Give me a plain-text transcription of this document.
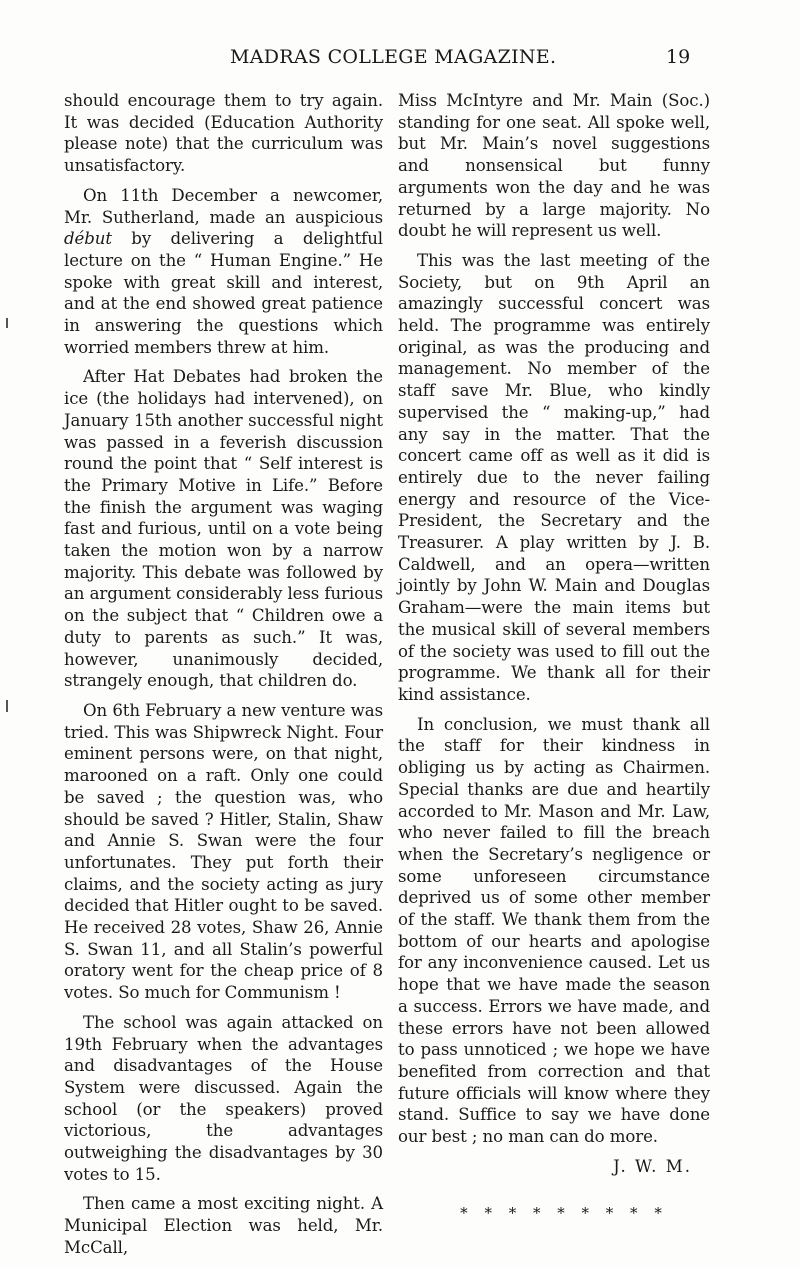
MADRAS COLLEGE MAGAZINE.	19

should encourage them to try again. It was decided (Education Authority please note) that the curriculum was unsatisfactory.

On 11th December a newcomer, Mr. Sutherland, made an auspicious début by delivering a delightful lecture on the “ Human Engine.” He spoke with great skill and interest, and at the end showed great patience in answering the questions which worried members threw at him.

After Hat Debates had broken the ice (the holidays had intervened), on January 15th another successful night was passed in a feverish discussion round the point that “ Self interest is the Primary Motive in Life.” Before the finish the argument was waging fast and furious, until on a vote being taken the motion won by a narrow majority. This debate was followed by an argument considerably less furious on the subject that “ Children owe a duty to parents as such.” It was, however, unanimously decided, strangely enough, that children do.

On 6th February a new venture was tried. This was Shipwreck Night. Four eminent persons were, on that night, marooned on a raft. Only one could be saved ; the question was, who should be saved ? Hitler, Stalin, Shaw and Annie S. Swan were the four unfortunates. They put forth their claims, and the society acting as jury decided that Hitler ought to be saved. He received 28 votes, Shaw 26, Annie S. Swan 11, and all Stalin’s powerful oratory went for the cheap price of 8 votes. So much for Communism !

The school was again attacked on 19th February when the advantages and disadvantages of the House System were discussed. Again the school (or the speakers) proved victorious, the advantages outweighing the disadvantages by 30 votes to 15.

Then came a most exciting night. A Municipal Election was held, Mr. McCall,

Miss McIntyre and Mr. Main (Soc.) standing for one seat. All spoke well, but Mr. Main’s novel suggestions and nonsensical but funny arguments won the day and he was returned by a large majority. No doubt he will represent us well.

This was the last meeting of the Society, but on 9th April an amazingly successful concert was held. The programme was entirely original, as was the producing and management. No member of the staff save Mr. Blue, who kindly supervised the “ making-up,” had any say in the matter. That the concert came off as well as it did is entirely due to the never failing energy and resource of the Vice-President, the Secretary and the Treasurer. A play written by J. B. Caldwell, and an opera—written jointly by John W. Main and Douglas Graham—were the main items but the musical skill of several members of the society was used to fill out the programme. We thank all for their kind assistance.

In conclusion, we must thank all the staff for their kindness in obliging us by acting as Chairmen. Special thanks are due and heartily accorded to Mr. Mason and Mr. Law, who never failed to fill the breach when the Secretary’s negligence or some unforeseen circumstance deprived us of some other member of the staff. We thank them from the bottom of our hearts and apologise for any inconvenience caused. Let us hope that we have made the season a success. Errors we have made, and these errors have not been allowed to pass unnoticed ; we hope we have benefited from correction and that future officials will know where they stand. Suffice to say we have done our best ; no man can do more.

J. W. M.
* * * * * * * * *
